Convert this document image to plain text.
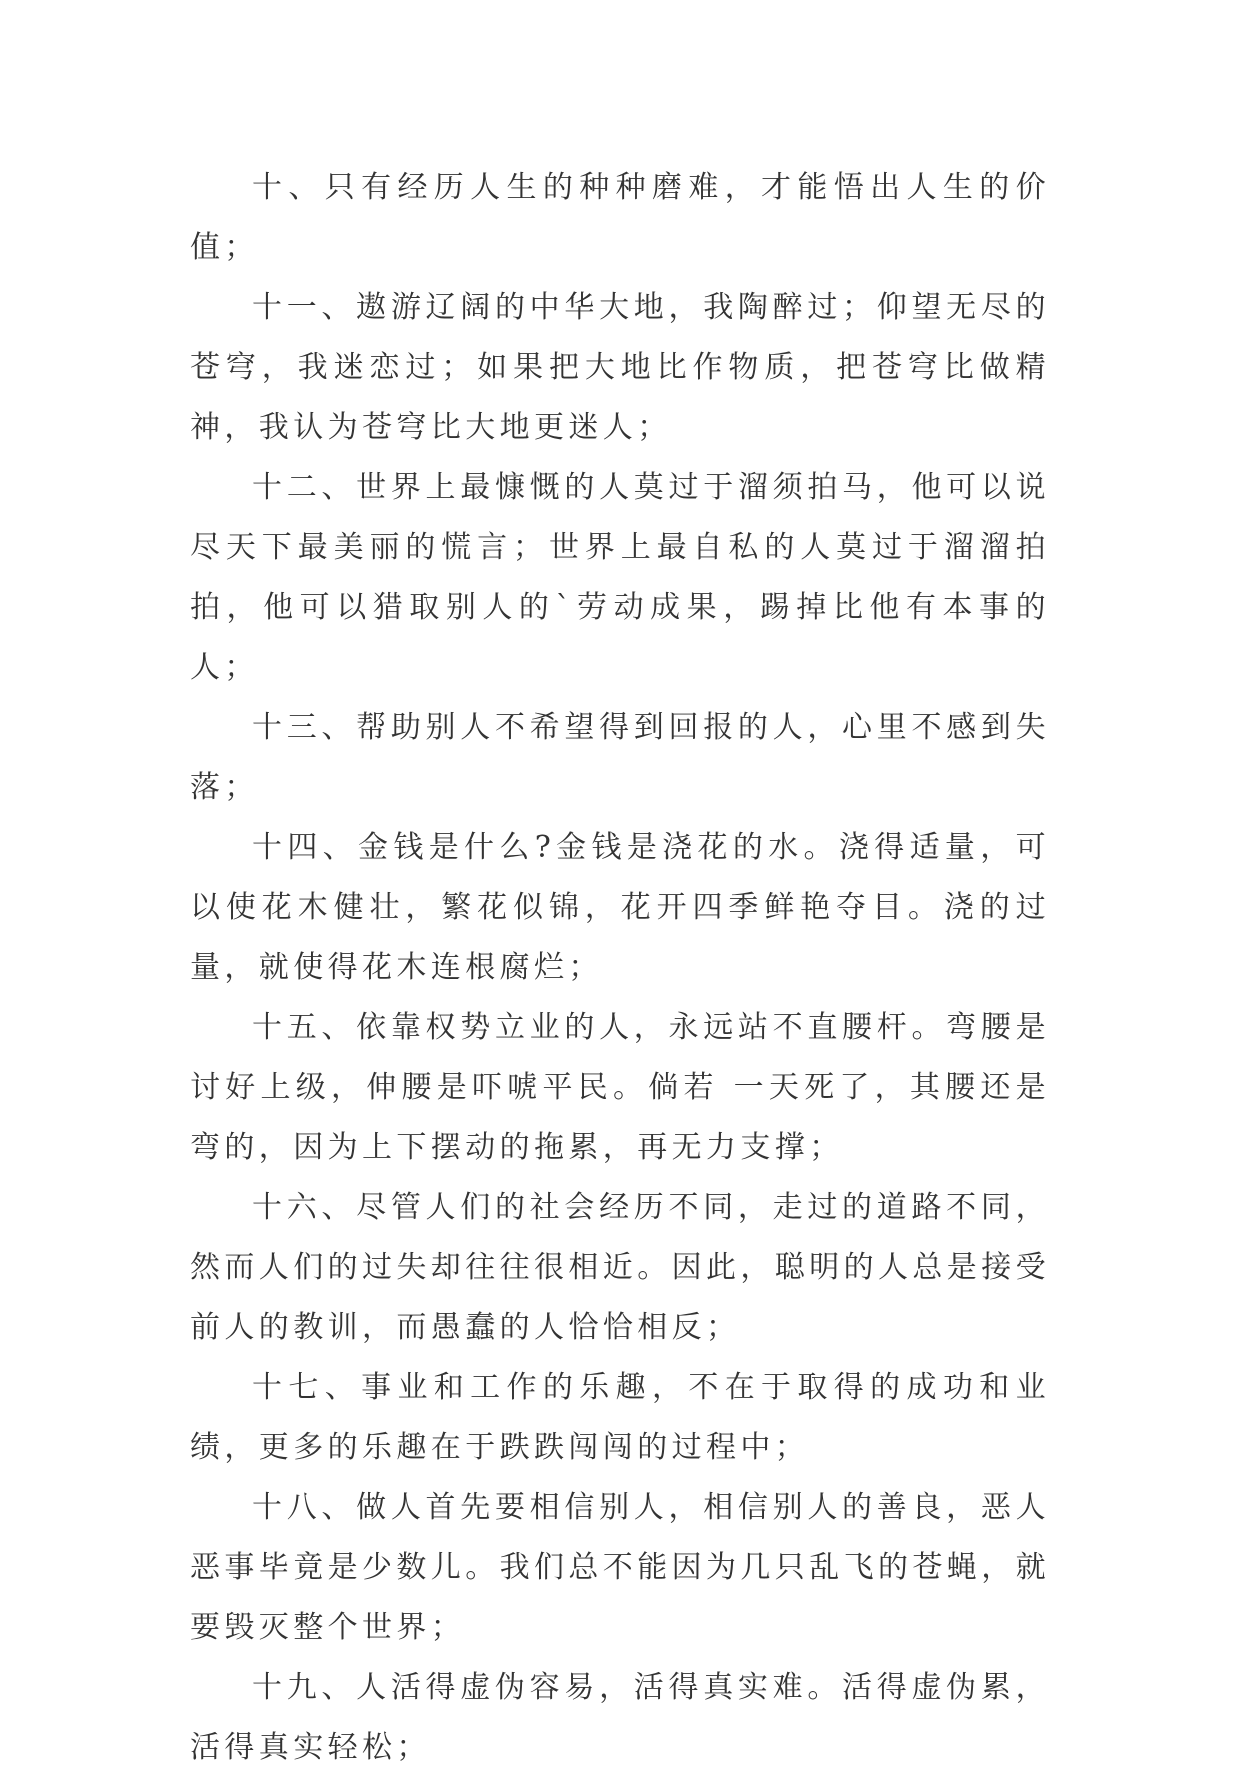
十、只有经历人生的种种磨难，才能悟出人生的价值；

十一、遨游辽阔的中华大地，我陶醉过；仰望无尽的苍穹，我迷恋过；如果把大地比作物质，把苍穹比做精神，我认为苍穹比大地更迷人；

十二、世界上最慷慨的人莫过于溜须拍马，他可以说尽天下最美丽的慌言；世界上最自私的人莫过于溜溜拍拍，他可以猎取别人的`劳动成果，踢掉比他有本事的人；

十三、帮助别人不希望得到回报的人，心里不感到失落；

十四、金钱是什么?金钱是浇花的水。浇得适量，可以使花木健壮，繁花似锦，花开四季鲜艳夺目。浇的过量，就使得花木连根腐烂；

十五、依靠权势立业的人，永远站不直腰杆。弯腰是讨好上级，伸腰是吓唬平民。倘若 一天死了，其腰还是弯的，因为上下摆动的拖累，再无力支撑；

十六、尽管人们的社会经历不同，走过的道路不同，然而人们的过失却往往很相近。因此，聪明的人总是接受前人的教训，而愚蠢的人恰恰相反；

十七、事业和工作的乐趣，不在于取得的成功和业绩，更多的乐趣在于跌跌闯闯的过程中；

十八、做人首先要相信别人，相信别人的善良，恶人恶事毕竟是少数儿。我们总不能因为几只乱飞的苍蝇，就要毁灭整个世界；

十九、人活得虚伪容易，活得真实难。活得虚伪累，活得真实轻松；
